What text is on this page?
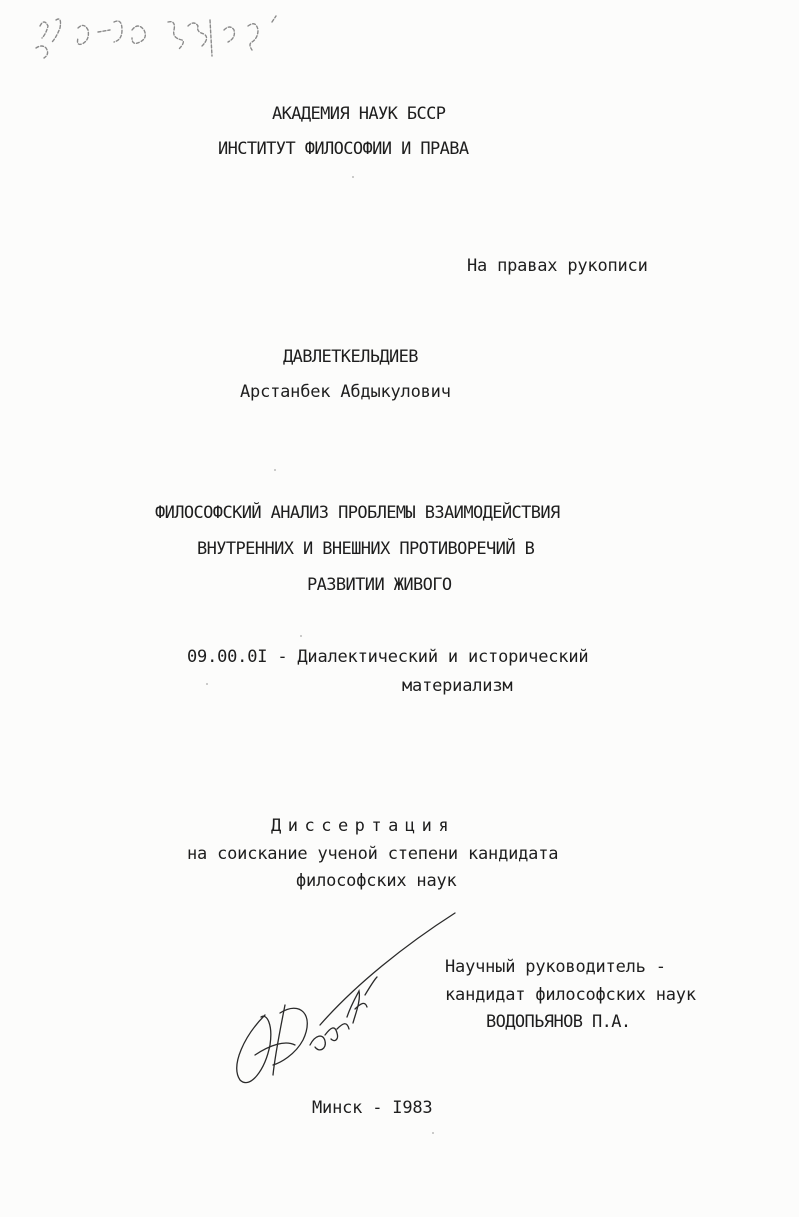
АКАДЕМИЯ НАУК БССР
ИНСТИТУТ ФИЛОСОФИИ И ПРАВА
На правах рукописи
ДАВЛЕТКЕЛЬДИЕВ
Арстанбек Абдыкулович
ФИЛОСОФСКИЙ АНАЛИЗ ПРОБЛЕМЫ ВЗАИМОДЕЙСТВИЯ
ВНУТРЕННИХ И ВНЕШНИХ ПРОТИВОРЕЧИЙ В
РАЗВИТИИ ЖИВОГО
09.00.0I - Диалектический и исторический
материализм
Диссертация
на соискание ученой степени кандидата
философских наук
Научный руководитель -
кандидат философских наук
ВОДОПЬЯНОВ П.А.
Минск - I983
